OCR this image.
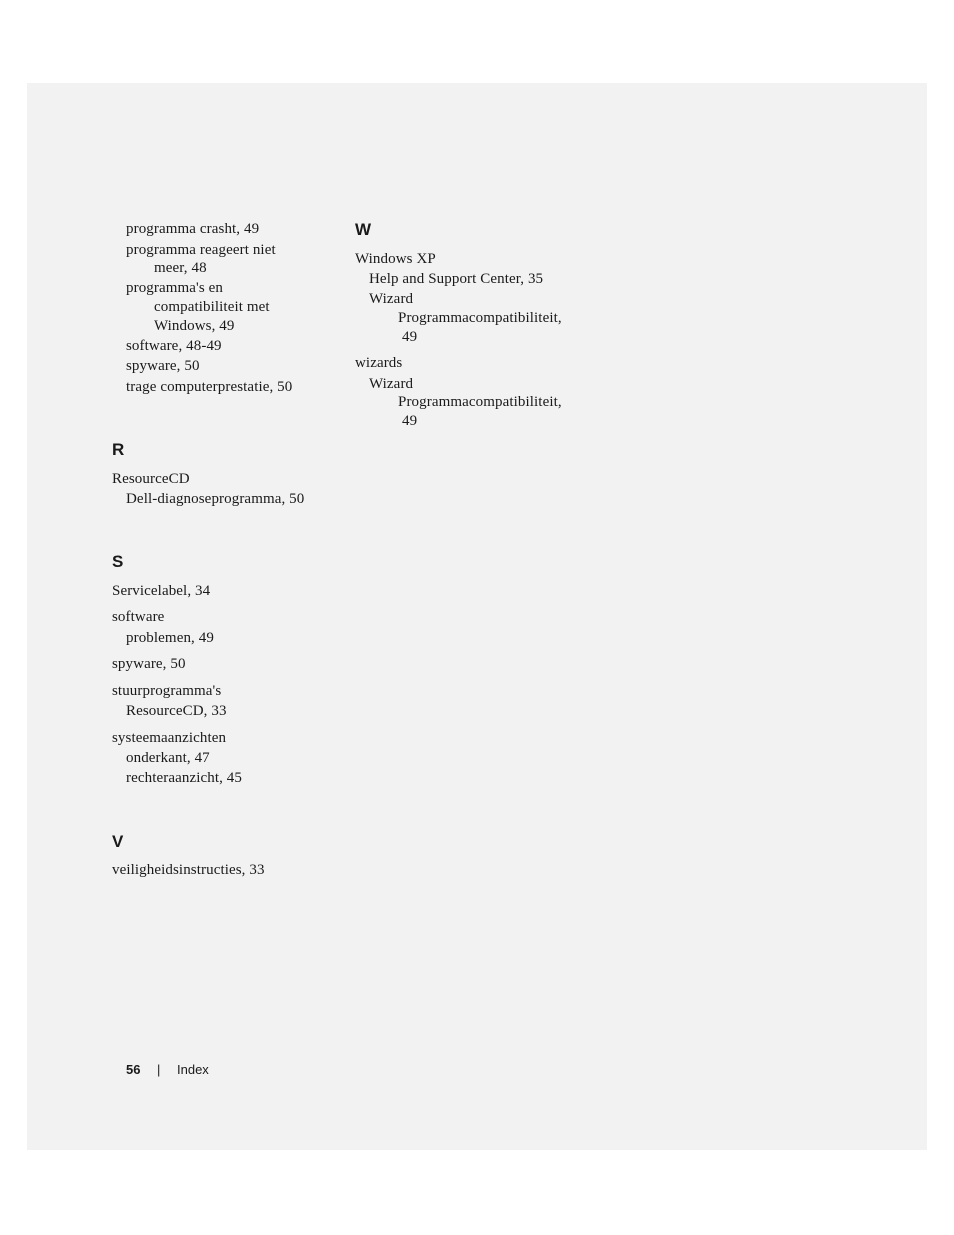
programma crasht, 49
programma reageert niet
meer, 48
programma's en
compatibiliteit met
Windows, 49
software, 48-49
spyware, 50
trage computerprestatie, 50
R
ResourceCD
Dell-diagnoseprogramma, 50
S
Servicelabel, 34
software
problemen, 49
spyware, 50
stuurprogramma's
ResourceCD, 33
systeemaanzichten
onderkant, 47
rechteraanzicht, 45
V
veiligheidsinstructies, 33
W
Windows XP
Help and Support Center, 35
Wizard
Programmacompatibiliteit,
49
wizards
Wizard
Programmacompatibiliteit,
49
56 | Index
